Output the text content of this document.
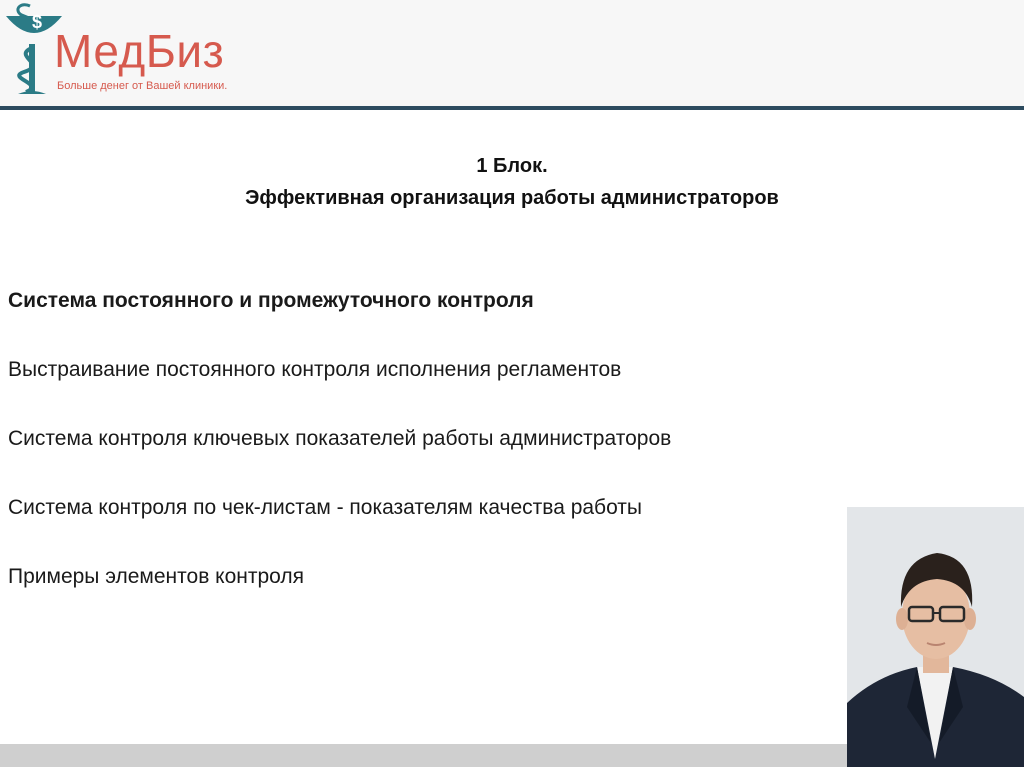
$
МедБиз
Больше денег от Вашей клиники.
1 Блок.
Эффективная организация работы администраторов
Система постоянного и промежуточного контроля
Выстраивание постоянного контроля исполнения регламентов
Система контроля ключевых показателей работы администраторов
Система контроля по чек-листам - показателям качества работы
Примеры элементов контроля
